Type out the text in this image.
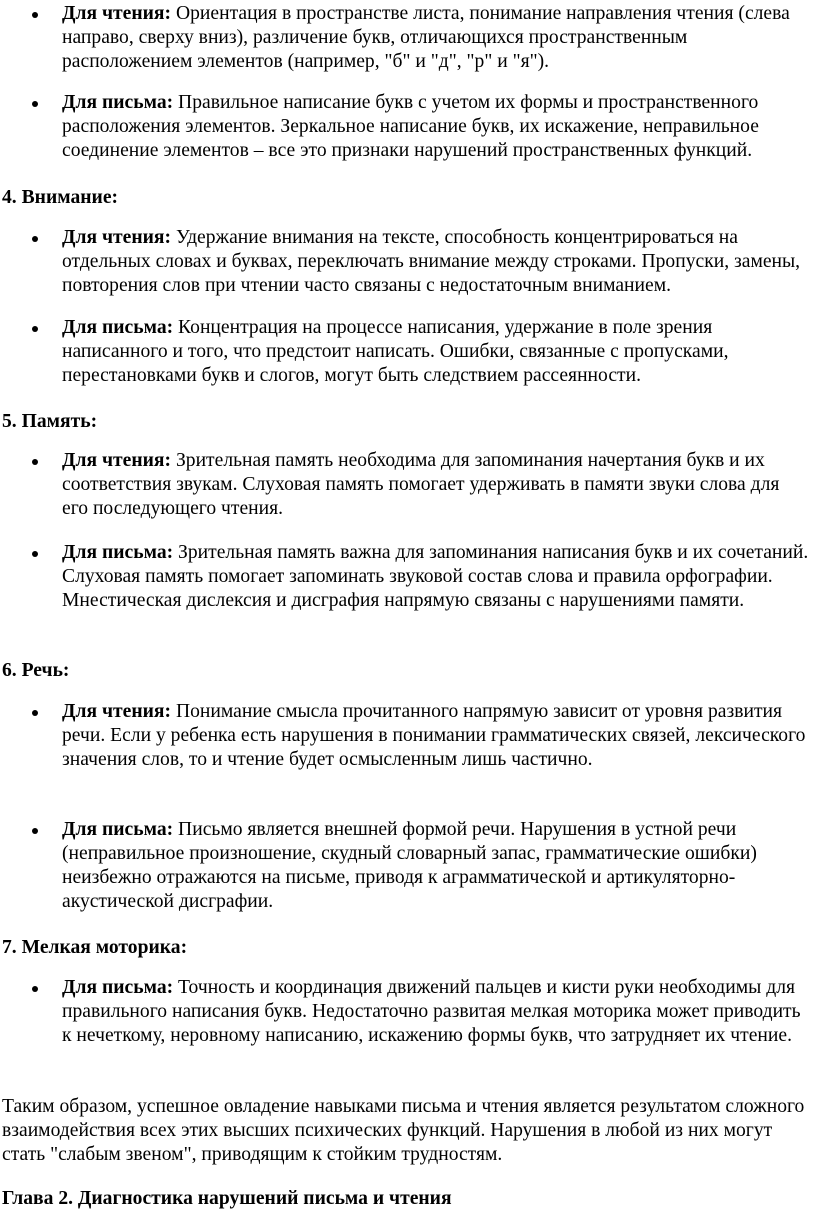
Для чтения: Ориентация в пространстве листа, понимание направления чтения (слева направо, сверху вниз), различение букв, отличающихся пространственным расположением элементов (например, "б" и "д", "р" и "я").
Для письма: Правильное написание букв с учетом их формы и пространственного расположения элементов. Зеркальное написание букв, их искажение, неправильное соединение элементов – все это признаки нарушений пространственных функций.
4. Внимание:
Для чтения: Удержание внимания на тексте, способность концентрироваться на отдельных словах и буквах, переключать внимание между строками. Пропуски, замены, повторения слов при чтении часто связаны с недостаточным вниманием.
Для письма: Концентрация на процессе написания, удержание в поле зрения написанного и того, что предстоит написать. Ошибки, связанные с пропусками, перестановками букв и слогов, могут быть следствием рассеянности.
5. Память:
Для чтения: Зрительная память необходима для запоминания начертания букв и их соответствия звукам. Слуховая память помогает удерживать в памяти звуки слова для его последующего чтения.
Для письма: Зрительная память важна для запоминания написания букв и их сочетаний. Слуховая память помогает запоминать звуковой состав слова и правила орфографии. Мнестическая дислексия и дисграфия напрямую связаны с нарушениями памяти.
6. Речь:
Для чтения: Понимание смысла прочитанного напрямую зависит от уровня развития речи. Если у ребенка есть нарушения в понимании грамматических связей, лексического значения слов, то и чтение будет осмысленным лишь частично.
Для письма: Письмо является внешней формой речи. Нарушения в устной речи (неправильное произношение, скудный словарный запас, грамматические ошибки) неизбежно отражаются на письме, приводя к аграмматической и артикуляторно-акустической дисграфии.
7. Мелкая моторика:
Для письма: Точность и координация движений пальцев и кисти руки необходимы для правильного написания букв. Недостаточно развитая мелкая моторика может приводить к нечеткому, неровному написанию, искажению формы букв, что затрудняет их чтение.
Таким образом, успешное овладение навыками письма и чтения является результатом сложного взаимодействия всех этих высших психических функций. Нарушения в любой из них могут стать "слабым звеном", приводящим к стойким трудностям.
Глава 2. Диагностика нарушений письма и чтения
